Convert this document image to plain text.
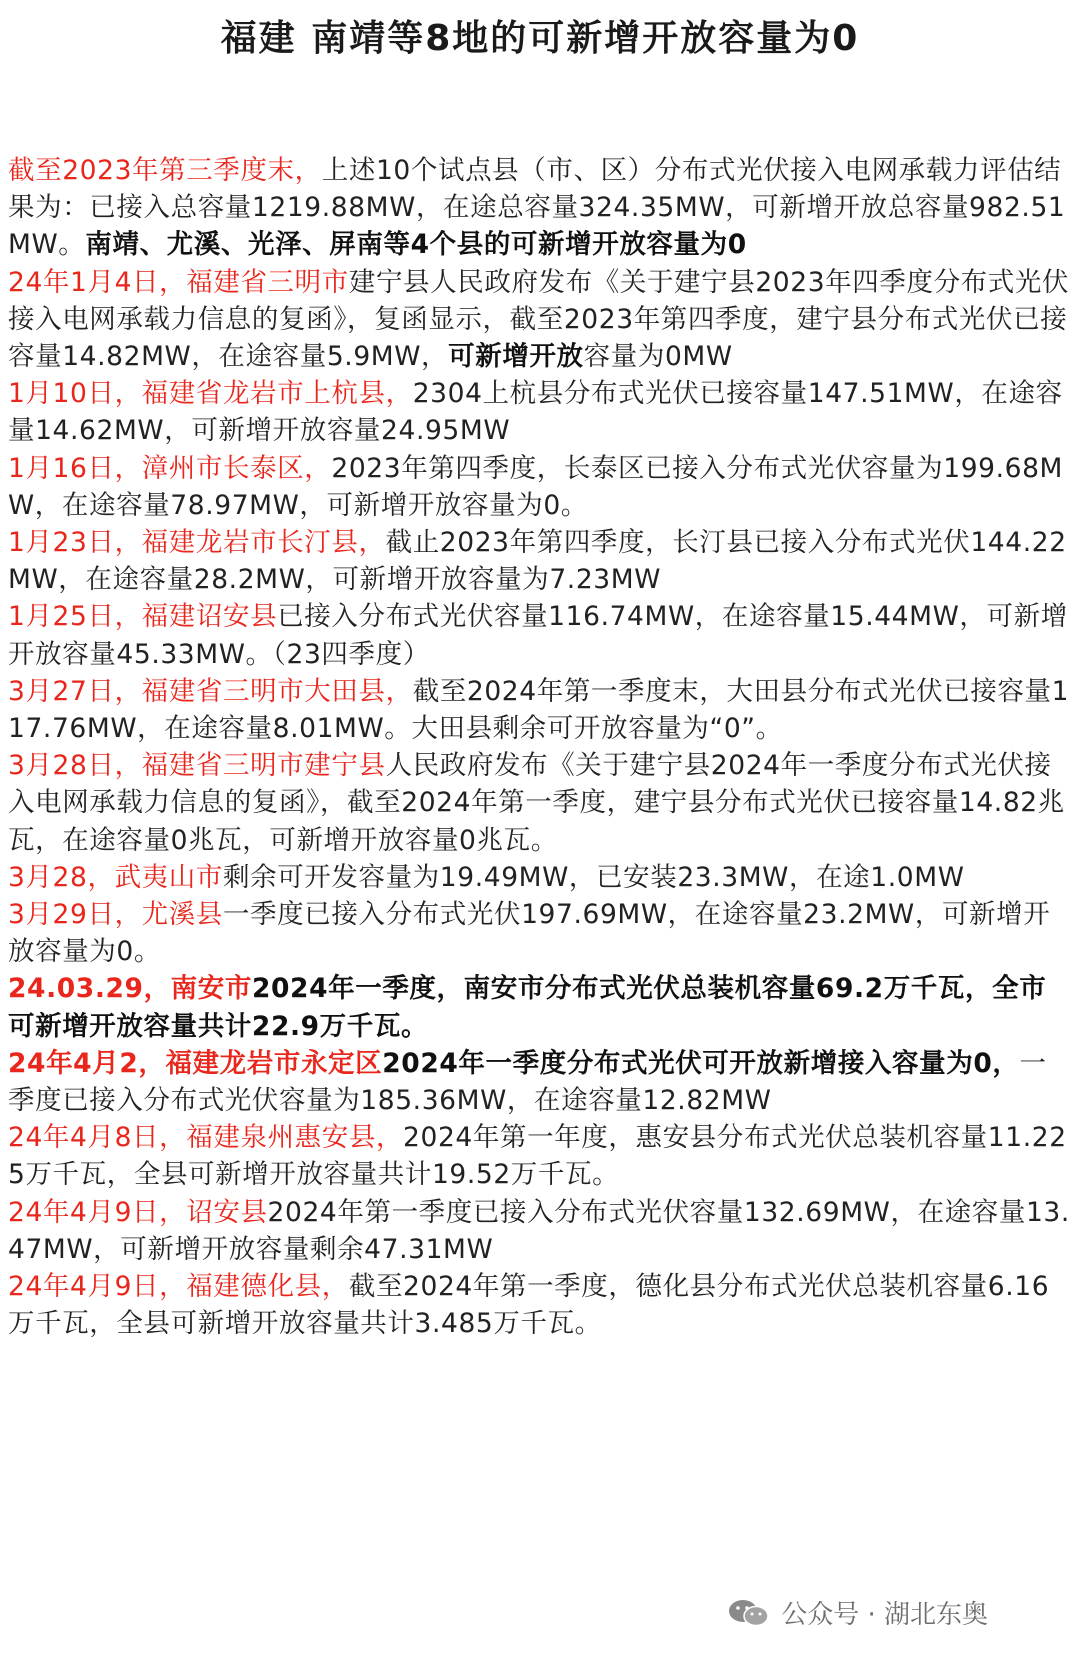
福建 南靖等8地的可新增开放容量为0

截至2023年第三季度末，上述10个试点县（市、区）分布式光伏接入电网承载力评估结果为：已接入总容量1219.88MW，在途总容量324.35MW，可新增开放总容量982.51MW。南靖、尤溪、光泽、屏南等4个县的可新增开放容量为0

24年1月4日，福建省三明市建宁县人民政府发布《关于建宁县2023年四季度分布式光伏接入电网承载力信息的复函》，复函显示，截至2023年第四季度，建宁县分布式光伏已接容量14.82MW，在途容量5.9MW，可新增开放容量为0MW

1月10日，福建省龙岩市上杭县，2304上杭县分布式光伏已接容量147.51MW，在途容量14.62MW，可新增开放容量24.95MW

1月16日，漳州市长泰区，2023年第四季度，长泰区已接入分布式光伏容量为199.68MW，在途容量78.97MW，可新增开放容量为0。

1月23日，福建龙岩市长汀县，截止2023年第四季度，长汀县已接入分布式光伏144.22MW，在途容量28.2MW，可新增开放容量为7.23MW

1月25日，福建诏安县已接入分布式光伏容量116.74MW，在途容量15.44MW，可新增开放容量45.33MW。（23四季度）

3月27日，福建省三明市大田县，截至2024年第一季度末，大田县分布式光伏已接容量117.76MW，在途容量8.01MW。大田县剩余可开放容量为“0”。

3月28日，福建省三明市建宁县人民政府发布《关于建宁县2024年一季度分布式光伏接入电网承载力信息的复函》，截至2024年第一季度，建宁县分布式光伏已接容量14.82兆瓦，在途容量0兆瓦，可新增开放容量0兆瓦。

3月28，武夷山市剩余可开发容量为19.49MW，已安装23.3MW，在途1.0MW

3月29日，尤溪县一季度已接入分布式光伏197.69MW，在途容量23.2MW，可新增开放容量为0。

24.03.29，南安市2024年一季度，南安市分布式光伏总装机容量69.2万千瓦，全市可新增开放容量共计22.9万千瓦。

24年4月2，福建龙岩市永定区2024年一季度分布式光伏可开放新增接入容量为0，一季度已接入分布式光伏容量为185.36MW，在途容量12.82MW

24年4月8日，福建泉州惠安县，2024年第一年度，惠安县分布式光伏总装机容量11.225万千瓦，全县可新增开放容量共计19.52万千瓦。

24年4月9日，诏安县2024年第一季度已接入分布式光伏容量132.69MW，在途容量13.47MW，可新增开放容量剩余47.31MW

24年4月9日，福建德化县，截至2024年第一季度，德化县分布式光伏总装机容量6.16万千瓦，全县可新增开放容量共计3.485万千瓦。

公众号 · 湖北东奥
